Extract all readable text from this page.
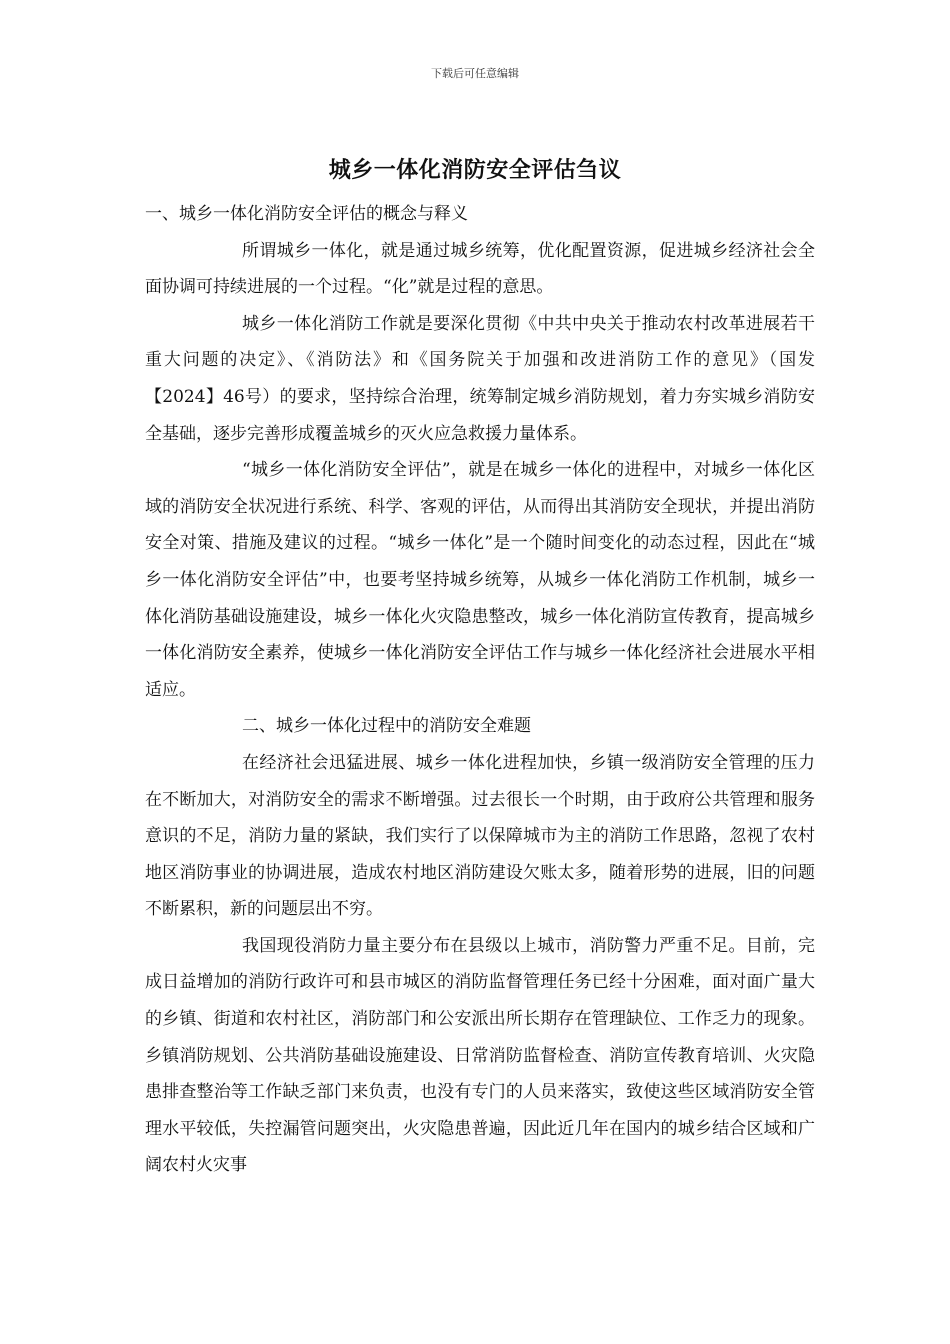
下载后可任意编辑
城乡一体化消防安全评估刍议

一、城乡一体化消防安全评估的概念与释义

所谓城乡一体化，就是通过城乡统筹，优化配置资源，促进城乡经济社会全面协调可持续进展的一个过程。“化”就是过程的意思。

城乡一体化消防工作就是要深化贯彻《中共中央关于推动农村改革进展若干重大问题的决定》、《消防法》和《国务院关于加强和改进消防工作的意见》（国发【2024】46号）的要求，坚持综合治理，统筹制定城乡消防规划，着力夯实城乡消防安全基础，逐步完善形成覆盖城乡的灭火应急救援力量体系。

“城乡一体化消防安全评估”，就是在城乡一体化的进程中，对城乡一体化区域的消防安全状况进行系统、科学、客观的评估，从而得出其消防安全现状，并提出消防安全对策、措施及建议的过程。“城乡一体化”是一个随时间变化的动态过程，因此在“城乡一体化消防安全评估”中，也要考坚持城乡统筹，从城乡一体化消防工作机制，城乡一体化消防基础设施建设，城乡一体化火灾隐患整改，城乡一体化消防宣传教育，提高城乡一体化消防安全素养，使城乡一体化消防安全评估工作与城乡一体化经济社会进展水平相适应。

二、城乡一体化过程中的消防安全难题

在经济社会迅猛进展、城乡一体化进程加快，乡镇一级消防安全管理的压力在不断加大，对消防安全的需求不断增强。过去很长一个时期，由于政府公共管理和服务意识的不足，消防力量的紧缺，我们实行了以保障城市为主的消防工作思路，忽视了农村地区消防事业的协调进展，造成农村地区消防建设欠账太多，随着形势的进展，旧的问题不断累积，新的问题层出不穷。

我国现役消防力量主要分布在县级以上城市，消防警力严重不足。目前，完成日益增加的消防行政许可和县市城区的消防监督管理任务已经十分困难，面对面广量大的乡镇、街道和农村社区，消防部门和公安派出所长期存在管理缺位、工作乏力的现象。乡镇消防规划、公共消防基础设施建设、日常消防监督检查、消防宣传教育培训、火灾隐患排查整治等工作缺乏部门来负责，也没有专门的人员来落实，致使这些区域消防安全管理水平较低，失控漏管问题突出，火灾隐患普遍，因此近几年在国内的城乡结合区域和广阔农村火灾事
